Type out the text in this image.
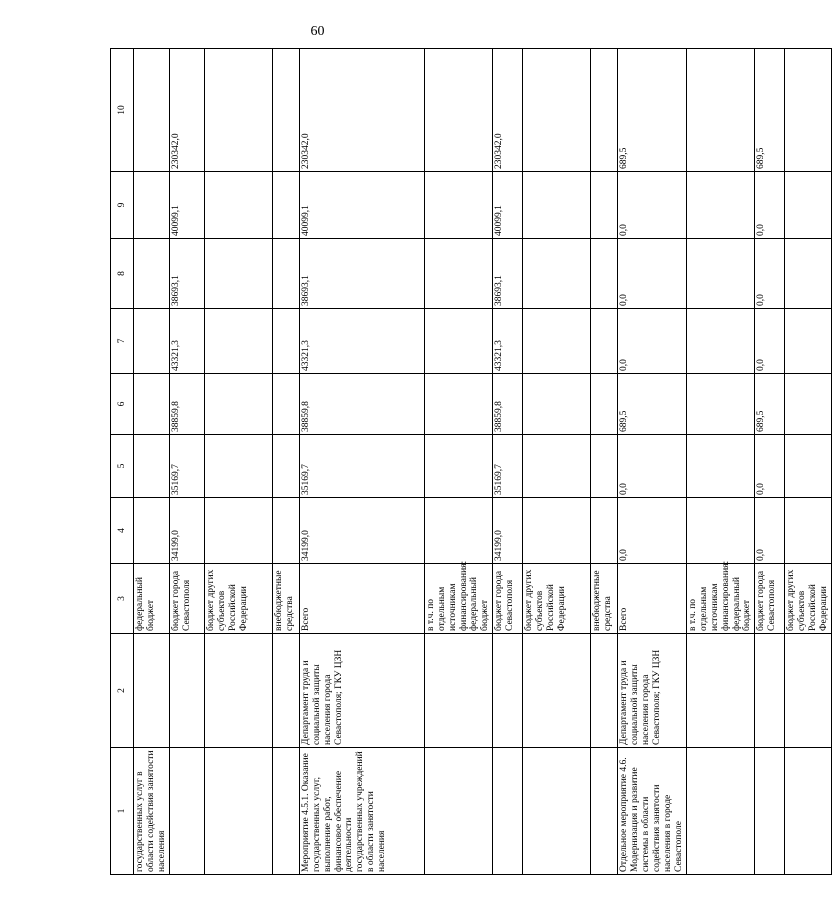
60
1	2	3	4	5	6	7	8	9	10
государственных услуг в области содействия занятости населения		федеральный бюджет							
		бюджет города Севастополя	34199,0	35169,7	38859,8	43321,3	38693,1	40099,1	230342,0
		бюджет других субъектов Российской Федерации							
		внебюджетные средства							
Мероприятие 4.5.1. Оказание государственных услуг, выполнение работ, финансовое обеспечение деятельности государственных учреждений в области занятости населения	Департамент труда и социальной защиты населения города Севастополя; ГКУ ЦЗН	Всего	34199,0	35169,7	38859,8	43321,3	38693,1	40099,1	230342,0
		в т.ч. по отдельным источникам финансирования: федеральный бюджет							
		бюджет города Севастополя	34199,0	35169,7	38859,8	43321,3	38693,1	40099,1	230342,0
		бюджет других субъектов Российской Федерации							
		внебюджетные средства							
Отдельное мероприятие 4.6. Модернизация и развитие системы в области содействия занятости населения в городе Севастополе	Департамент труда и социальной защиты населения города Севастополя; ГКУ ЦЗН	Всего	0,0	0,0	689,5	0,0	0,0	0,0	689,5
		в т.ч. по отдельным источникам финансирования: федеральный бюджет							
		бюджет города Севастополя	0,0	0,0	689,5	0,0	0,0	0,0	689,5
		бюджет других субъектов Российской Федерации							
